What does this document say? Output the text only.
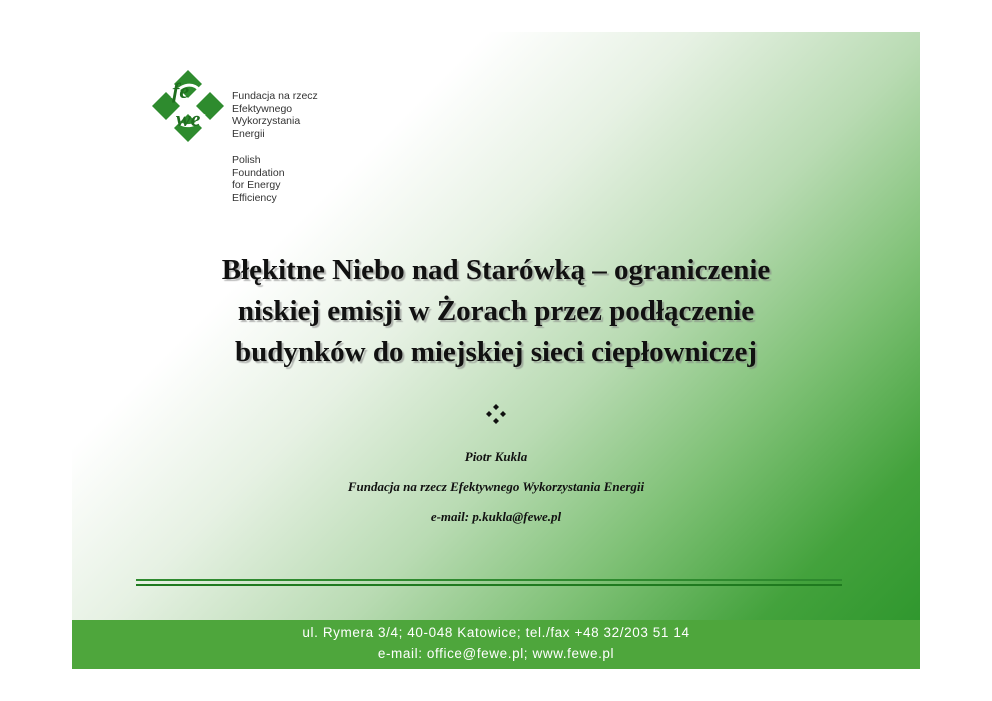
fe
we
Fundacja na rzecz
Efektywnego
Wykorzystania
Energii
Polish
Foundation
for Energy
Efficiency
Błękitne Niebo nad Starówką – ograniczenie
niskiej emisji w Żorach przez podłączenie
budynków do miejskiej sieci ciepłowniczej
Piotr Kukla
Fundacja na rzecz Efektywnego Wykorzystania Energii
e-mail: p.kukla@fewe.pl
ul. Rymera 3/4; 40-048 Katowice; tel./fax +48 32/203 51 14
e-mail: office@fewe.pl; www.fewe.pl
